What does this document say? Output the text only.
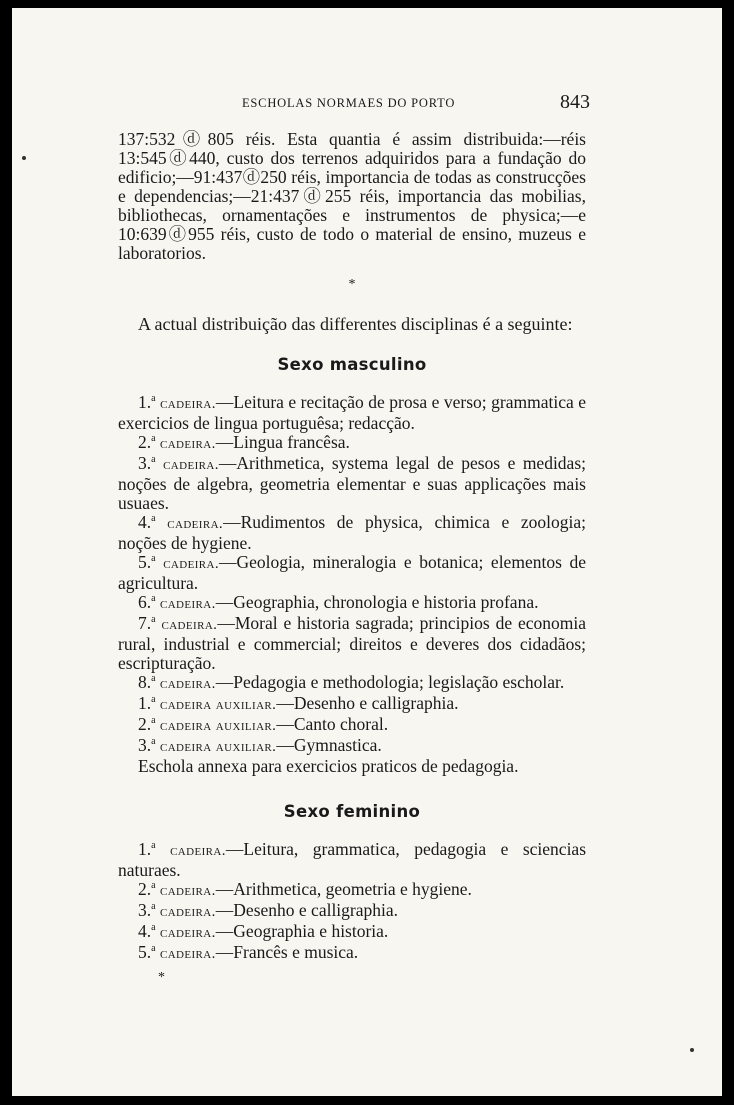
ESCHOLAS NORMAES DO PORTO	843

137:532ⓓ805 réis. Esta quantia é assim distribuida:—réis 13:545ⓓ440, custo dos terrenos adquiridos para a fundação do edificio;—91:437ⓓ250 réis, importancia de todas as construcções e dependencias;—21:437ⓓ255 réis, importancia das mobilias, bibliothecas, ornamentações e instrumentos de physica;—e 10:639ⓓ955 réis, custo de todo o material de ensino, muzeus e laboratorios.

*

A actual distribuição das differentes disciplinas é a seguinte:

Sexo masculino

1.$^a$ cadeira.—Leitura e recitação de prosa e verso; grammatica e exercicios de lingua portuguêsa; redacção.

2.$^a$ cadeira.—Lingua francêsa.

3.$^a$ cadeira.—Arithmetica, systema legal de pesos e medidas; noções de algebra, geometria elementar e suas applicações mais usuaes.

4.$^a$ cadeira.—Rudimentos de physica, chimica e zoologia; noções de hygiene.

5.$^a$ cadeira.—Geologia, mineralogia e botanica; elementos de agricultura.

6.$^a$ cadeira.—Geographia, chronologia e historia profana.

7.$^a$ cadeira.—Moral e historia sagrada; principios de economia rural, industrial e commercial; direitos e deveres dos cidadãos; escripturação.

8.$^a$ cadeira.—Pedagogia e methodologia; legislação escholar.

1.$^a$ cadeira auxiliar.—Desenho e calligraphia.

2.$^a$ cadeira auxiliar.—Canto choral.

3.$^a$ cadeira auxiliar.—Gymnastica.

Eschola annexa para exercicios praticos de pedagogia.

Sexo feminino

1.$^a$ cadeira.—Leitura, grammatica, pedagogia e sciencias naturaes.

2.$^a$ cadeira.—Arithmetica, geometria e hygiene.

3.$^a$ cadeira.—Desenho e calligraphia.

4.$^a$ cadeira.—Geographia e historia.

5.$^a$ cadeira.—Francês e musica.

*
